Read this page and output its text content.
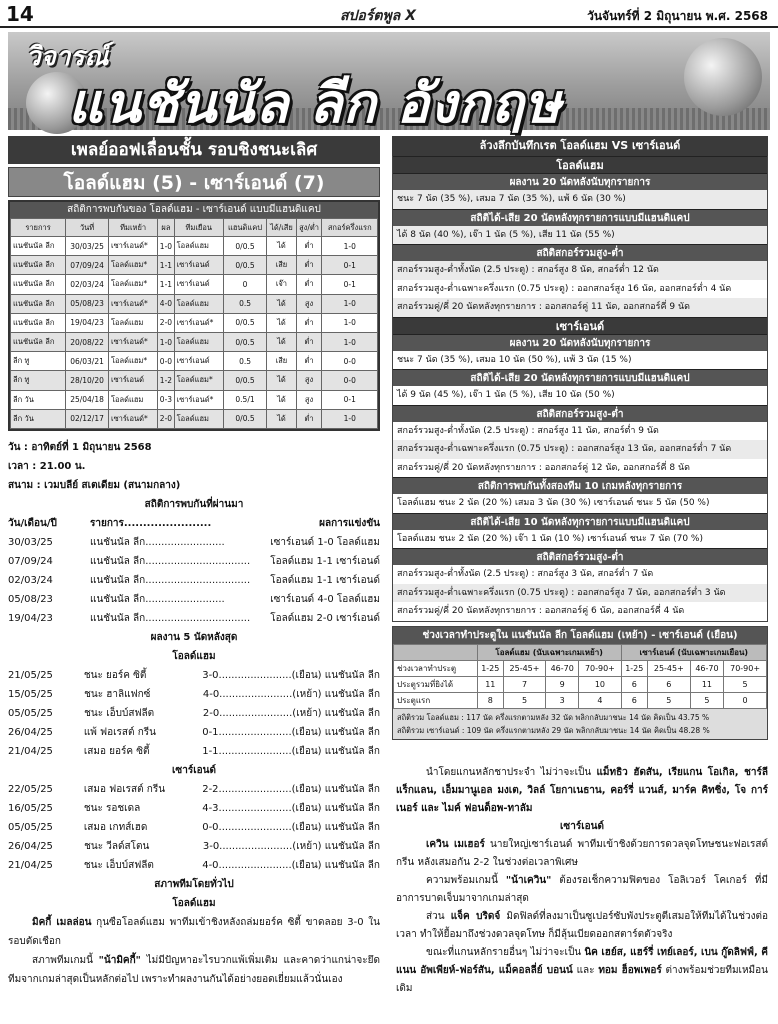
14	สปอร์ตพูล X	วันจันทร์ที่ 2 มิถุนายน พ.ศ. 2568
วิจารณ์
แนชันนัล ลีก อังกฤษ
เพลย์ออฟเลื่อนชั้น รอบชิงชนะเลิศ
โอลด์แฮม (5) - เซาร์เอนด์ (7)
สถิติการพบกันของ โอลด์แฮม - เซาร์เอนด์ แบบมีแฮนดิแคป
รายการ	วันที่	ทีมเหย้า	ผล	ทีมเยือน	แฮนดิแคป	ได้/เสีย	สูง/ต่ำ	สกอร์ครึ่งแรก
แนชันนัล ลีก	30/03/25	เซาร์เอนด์*	1-0	โอลด์แฮม	0/0.5	ได้	ต่ำ	1-0
แนชันนัล ลีก	07/09/24	โอลด์แฮม*	1-1	เซาร์เอนด์	0/0.5	เสีย	ต่ำ	0-1
แนชันนัล ลีก	02/03/24	โอลด์แฮม*	1-1	เซาร์เอนด์	0	เจ๊า	ต่ำ	0-1
แนชันนัล ลีก	05/08/23	เซาร์เอนด์*	4-0	โอลด์แฮม	0.5	ได้	สูง	1-0
แนชันนัล ลีก	19/04/23	โอลด์แฮม	2-0	เซาร์เอนด์*	0/0.5	ได้	ต่ำ	1-0
แนชันนัล ลีก	20/08/22	เซาร์เอนด์*	1-0	โอลด์แฮม	0/0.5	ได้	ต่ำ	1-0
ลีก ทู	06/03/21	โอลด์แฮม*	0-0	เซาร์เอนด์	0.5	เสีย	ต่ำ	0-0
ลีก ทู	28/10/20	เซาร์เอนด์	1-2	โอลด์แฮม*	0/0.5	ได้	สูง	0-0
ลีก วัน	25/04/18	โอลด์แฮม	0-3	เซาร์เอนด์*	0.5/1	ได้	สูง	0-1
ลีก วัน	02/12/17	เซาร์เอนด์*	2-0	โอลด์แฮม	0/0.5	ได้	ต่ำ	1-0
วัน : อาทิตย์ที่ 1 มิถุนายน 2568
เวลา : 21.00 น.
สนาม : เวมบลีย์ สเตเดียม (สนามกลาง)
สถิติการพบกันที่ผ่านมา
วัน/เดือน/ปี	รายการ.......................	ผลการแข่งขัน
30/03/25	แนชันนัล ลีก.........................	เซาร์เอนด์ 1-0 โอลด์แฮม
07/09/24	แนชันนัล ลีก.................................	โอลด์แฮม 1-1 เซาร์เอนด์
02/03/24	แนชันนัล ลีก.................................	โอลด์แฮม 1-1 เซาร์เอนด์
05/08/23	แนชันนัล ลีก.........................	เซาร์เอนด์ 4-0 โอลด์แฮม
19/04/23	แนชันนัล ลีก.................................	โอลด์แฮม 2-0 เซาร์เอนด์
ผลงาน 5 นัดหลังสุด
โอลด์แฮม
21/05/25	ชนะ ยอร์ค ซิตี้	3-0....................... (เยือน) แนชันนัล ลีก
15/05/25	ชนะ ฮาลิแฟกซ์	4-0....................... (เหย้า) แนชันนัล ลีก
05/05/25	ชนะ เอ็บบ์สฟลีต	2-0....................... (เหย้า) แนชันนัล ลีก
26/04/25	แพ้ ฟอเรสต์ กรีน	0-1....................... (เยือน) แนชันนัล ลีก
21/04/25	เสมอ ยอร์ค ซิตี้	1-1....................... (เยือน) แนชันนัล ลีก
เซาร์เอนด์
22/05/25	เสมอ ฟอเรสต์ กรีน	2-2....................... (เยือน) แนชันนัล ลีก
16/05/25	ชนะ รอชเดล	4-3....................... (เยือน) แนชันนัล ลีก
05/05/25	เสมอ เกทส์เฮด	0-0....................... (เยือน) แนชันนัล ลีก
26/04/25	ชนะ วีลด์สโตน	3-0....................... (เหย้า) แนชันนัล ลีก
21/04/25	ชนะ เอ็บบ์สฟลีต	4-0....................... (เยือน) แนชันนัล ลีก
สภาพทีมโดยทั่วไป
โอลด์แฮม

มิคกี้ เมลล่อน กุนซือโอลด์แฮม พาทีมเข้าชิงหลังถล่มยอร์ค ซิตี้ ขาดลอย 3-0 ในรอบตัดเชือก

สภาพทีมเกมนี้ "น้ามิคกี้" ไม่มีปัญหาอะไรบวกแพ้เพิ่มเติม และคาดว่าแกน่าจะยึดทีมจากเกมล่าสุดเป็นหลักต่อไป เพราะทำผลงานกันได้อย่างยอดเยี่ยมแล้วนั่นเอง

ล้วงลึกบันทึกเรต โอลด์แฮม VS เซาร์เอนด์
โอลด์แฮม
ผลงาน 20 นัดหลังนับทุกรายการ
ชนะ 7 นัด (35 %), เสมอ 7 นัด (35 %), แพ้ 6 นัด (30 %)
สถิติได้-เสีย 20 นัดหลังทุกรายการแบบมีแฮนดิแคป
ได้ 8 นัด (40 %), เจ๊า 1 นัด (5 %), เสีย 11 นัด (55 %)
สถิติสกอร์รวมสูง-ต่ำ
สกอร์รวมสูง-ต่ำทั้งนัด (2.5 ประตู) : สกอร์สูง 8 นัด, สกอร์ต่ำ 12 นัด
สกอร์รวมสูง-ต่ำเฉพาะครึ่งแรก (0.75 ประตู) : ออกสกอร์สูง 16 นัด, ออกสกอร์ต่ำ 4 นัด
สกอร์รวมคู่/คี่ 20 นัดหลังทุกรายการ : ออกสกอร์คู่ 11 นัด, ออกสกอร์คี่ 9 นัด
เซาร์เอนด์
ผลงาน 20 นัดหลังนับทุกรายการ
ชนะ 7 นัด (35 %), เสมอ 10 นัด (50 %), แพ้ 3 นัด (15 %)
สถิติได้-เสีย 20 นัดหลังทุกรายการแบบมีแฮนดิแคป
ได้ 9 นัด (45 %), เจ๊า 1 นัด (5 %), เสีย 10 นัด (50 %)
สถิติสกอร์รวมสูง-ต่ำ
สกอร์รวมสูง-ต่ำทั้งนัด (2.5 ประตู) : สกอร์สูง 11 นัด, สกอร์ต่ำ 9 นัด
สกอร์รวมสูง-ต่ำเฉพาะครึ่งแรก (0.75 ประตู) : ออกสกอร์สูง 13 นัด, ออกสกอร์ต่ำ 7 นัด
สกอร์รวมคู่/คี่ 20 นัดหลังทุกรายการ : ออกสกอร์คู่ 12 นัด, ออกสกอร์คี่ 8 นัด
สถิติการพบกันทั้งสองทีม 10 เกมหลังทุกรายการ
โอลด์แฮม ชนะ 2 นัด (20 %) เสมอ 3 นัด (30 %) เซาร์เอนด์ ชนะ 5 นัด (50 %)
สถิติได้-เสีย 10 นัดหลังทุกรายการแบบมีแฮนดิแคป
โอลด์แฮม ชนะ 2 นัด (20 %) เจ๊า 1 นัด (10 %) เซาร์เอนด์ ชนะ 7 นัด (70 %)
สถิติสกอร์รวมสูง-ต่ำ
สกอร์รวมสูง-ต่ำทั้งนัด (2.5 ประตู) : สกอร์สูง 3 นัด, สกอร์ต่ำ 7 นัด
สกอร์รวมสูง-ต่ำเฉพาะครึ่งแรก (0.75 ประตู) : ออกสกอร์สูง 7 นัด, ออกสกอร์ต่ำ 3 นัด
สกอร์รวมคู่/คี่ 20 นัดหลังทุกรายการ : ออกสกอร์คู่ 6 นัด, ออกสกอร์คี่ 4 นัด
ช่วงเวลาทำประตูใน แนชันนัล ลีก โอลด์แฮม (เหย้า) - เซาร์เอนด์ (เยือน)
	โอลด์แฮม (นับเฉพาะเกมเหย้า)				เซาร์เอนด์ (นับเฉพาะเกมเยือน)			
ช่วงเวลาทำประตู	1-25	25-45+	46-70	70-90+	1-25	25-45+	46-70	70-90+
ประตูรวมที่ยิงได้	11	7	9	10	6	6	11	5
ประตูแรก	8	5	3	4	6	5	5	0
สถิติรวม โอลด์แฮม : 117 นัด ครึ่งแรกตามหลัง 32 นัด พลิกกลับมาชนะ 14 นัด คิดเป็น 43.75 %
สถิติรวม เซาร์เอนด์ : 109 นัด ครึ่งแรกตามหลัง 29 นัด พลิกกลับมาชนะ 14 นัด คิดเป็น 48.28 %

นำโดยแกนหลักชาประจำ ไม่ว่าจะเป็น แม็ทธิว ฮัดสัน, เรียแกน โอเกิล, ชาร์ลี แร็กแลน, เอ็มมานูเอล มงเต, วิลล์ โยกาเนธาน, คอร์รี่ แวนส์, มาร์ค คิทชิ่ง, โจ การ์เนอร์ และ ไมค์ ฟอนด็อพ-ทาลัม

เซาร์เอนด์

เควิน เมเฮอร์ นายใหญ่เซาร์เอนด์ พาทีมเข้าชิงด้วยการดวลจุดโทษชนะฟอเรสต์ กรีน หลังเสมอกัน 2-2 ในช่วงต่อเวลาพิเศษ

ความพร้อมเกมนี้ "น้าเควิน" ต้องรอเช็กความฟิตของ โอลิเวอร์ โคเกอร์ ที่มีอาการบาดเจ็บมาจากเกมล่าสุด

ส่วน แจ็ค บริดจ์ มิดฟิลด์ที่ลงมาเป็นซูเปอร์ซับพังประตูตีเสมอให้ทีมได้ในช่วงต่อเวลา ทำให้ยื้อมาถึงช่วงดวลจุดโทษ ก็มีลุ้นเบียดออกสตาร์ตตัวจริง

ขณะที่แกนหลักรายอื่นๆ ไม่ว่าจะเป็น นิค เฮย์ส, แฮร์รี่ เทย์เลอร์, เบน กู๊ดลิฟฟ์, คีแนน อัพเพียห์-ฟอร์สัน, แม็คอลลี่ย์ บอนน์ และ ทอม ฮ็อพเพอร์ ต่างพร้อมช่วยทีมเหมือนเดิม
